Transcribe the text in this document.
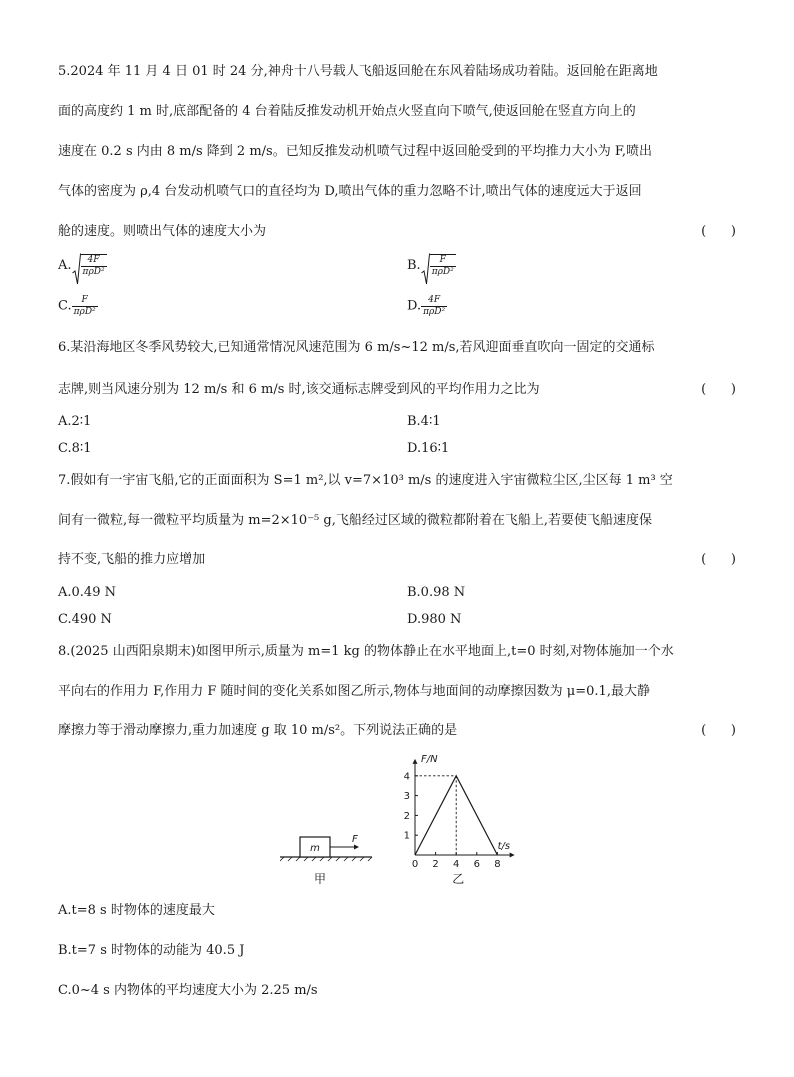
5.2024 年 11 月 4 日 01 时 24 分,神舟十八号载人飞船返回舱在东风着陆场成功着陆。返回舱在距离地
面的高度约 1 m 时,底部配备的 4 台着陆反推发动机开始点火竖直向下喷气,使返回舱在竖直方向上的
速度在 0.2 s 内由 8 m/s 降到 2 m/s。已知反推发动机喷气过程中返回舱受到的平均推力大小为 F,喷出
气体的密度为 ρ,4 台发动机喷气口的直径均为 D,喷出气体的重力忽略不计,喷出气体的速度远大于返回
舱的速度。则喷出气体的速度大小为	(      )
A. $\frac{4F}{\text{πρD²}}$	B. $\frac{F}{\text{πρD²}}$
C. $\frac{F}{\text{πρD²}}$	D. $\frac{4F}{\text{πρD²}}$
6.某沿海地区冬季风势较大,已知通常情况风速范围为 6 m/s~12 m/s,若风迎面垂直吹向一固定的交通标
志牌,则当风速分别为 12 m/s 和 6 m/s 时,该交通标志牌受到风的平均作用力之比为	(      )
A.2∶1	B.4∶1
C.8∶1	D.16∶1
7.假如有一宇宙飞船,它的正面面积为 S=1 m²,以 v=7×10³ m/s 的速度进入宇宙微粒尘区,尘区每 1 m³ 空
间有一微粒,每一微粒平均质量为 m=2×10⁻⁵ g,飞船经过区域的微粒都附着在飞船上,若要使飞船速度保
持不变,飞船的推力应增加	(      )
A.0.49 N	B.0.98 N
C.490 N	D.980 N
8.(2025 山西阳泉期末)如图甲所示,质量为 m=1 kg 的物体静止在水平地面上,t=0 时刻,对物体施加一个水
平向右的作用力 F,作用力 F 随时间的变化关系如图乙所示,物体与地面间的动摩擦因数为 μ=0.1,最大静
摩擦力等于滑动摩擦力,重力加速度 g 取 10 m/s²。下列说法正确的是	(      )
m
F
甲
F/N
t/s
0 2 4 6 8
1
2
3
4
乙
A.t=8 s 时物体的速度最大
B.t=7 s 时物体的动能为 40.5 J
C.0~4 s 内物体的平均速度大小为 2.25 m/s
